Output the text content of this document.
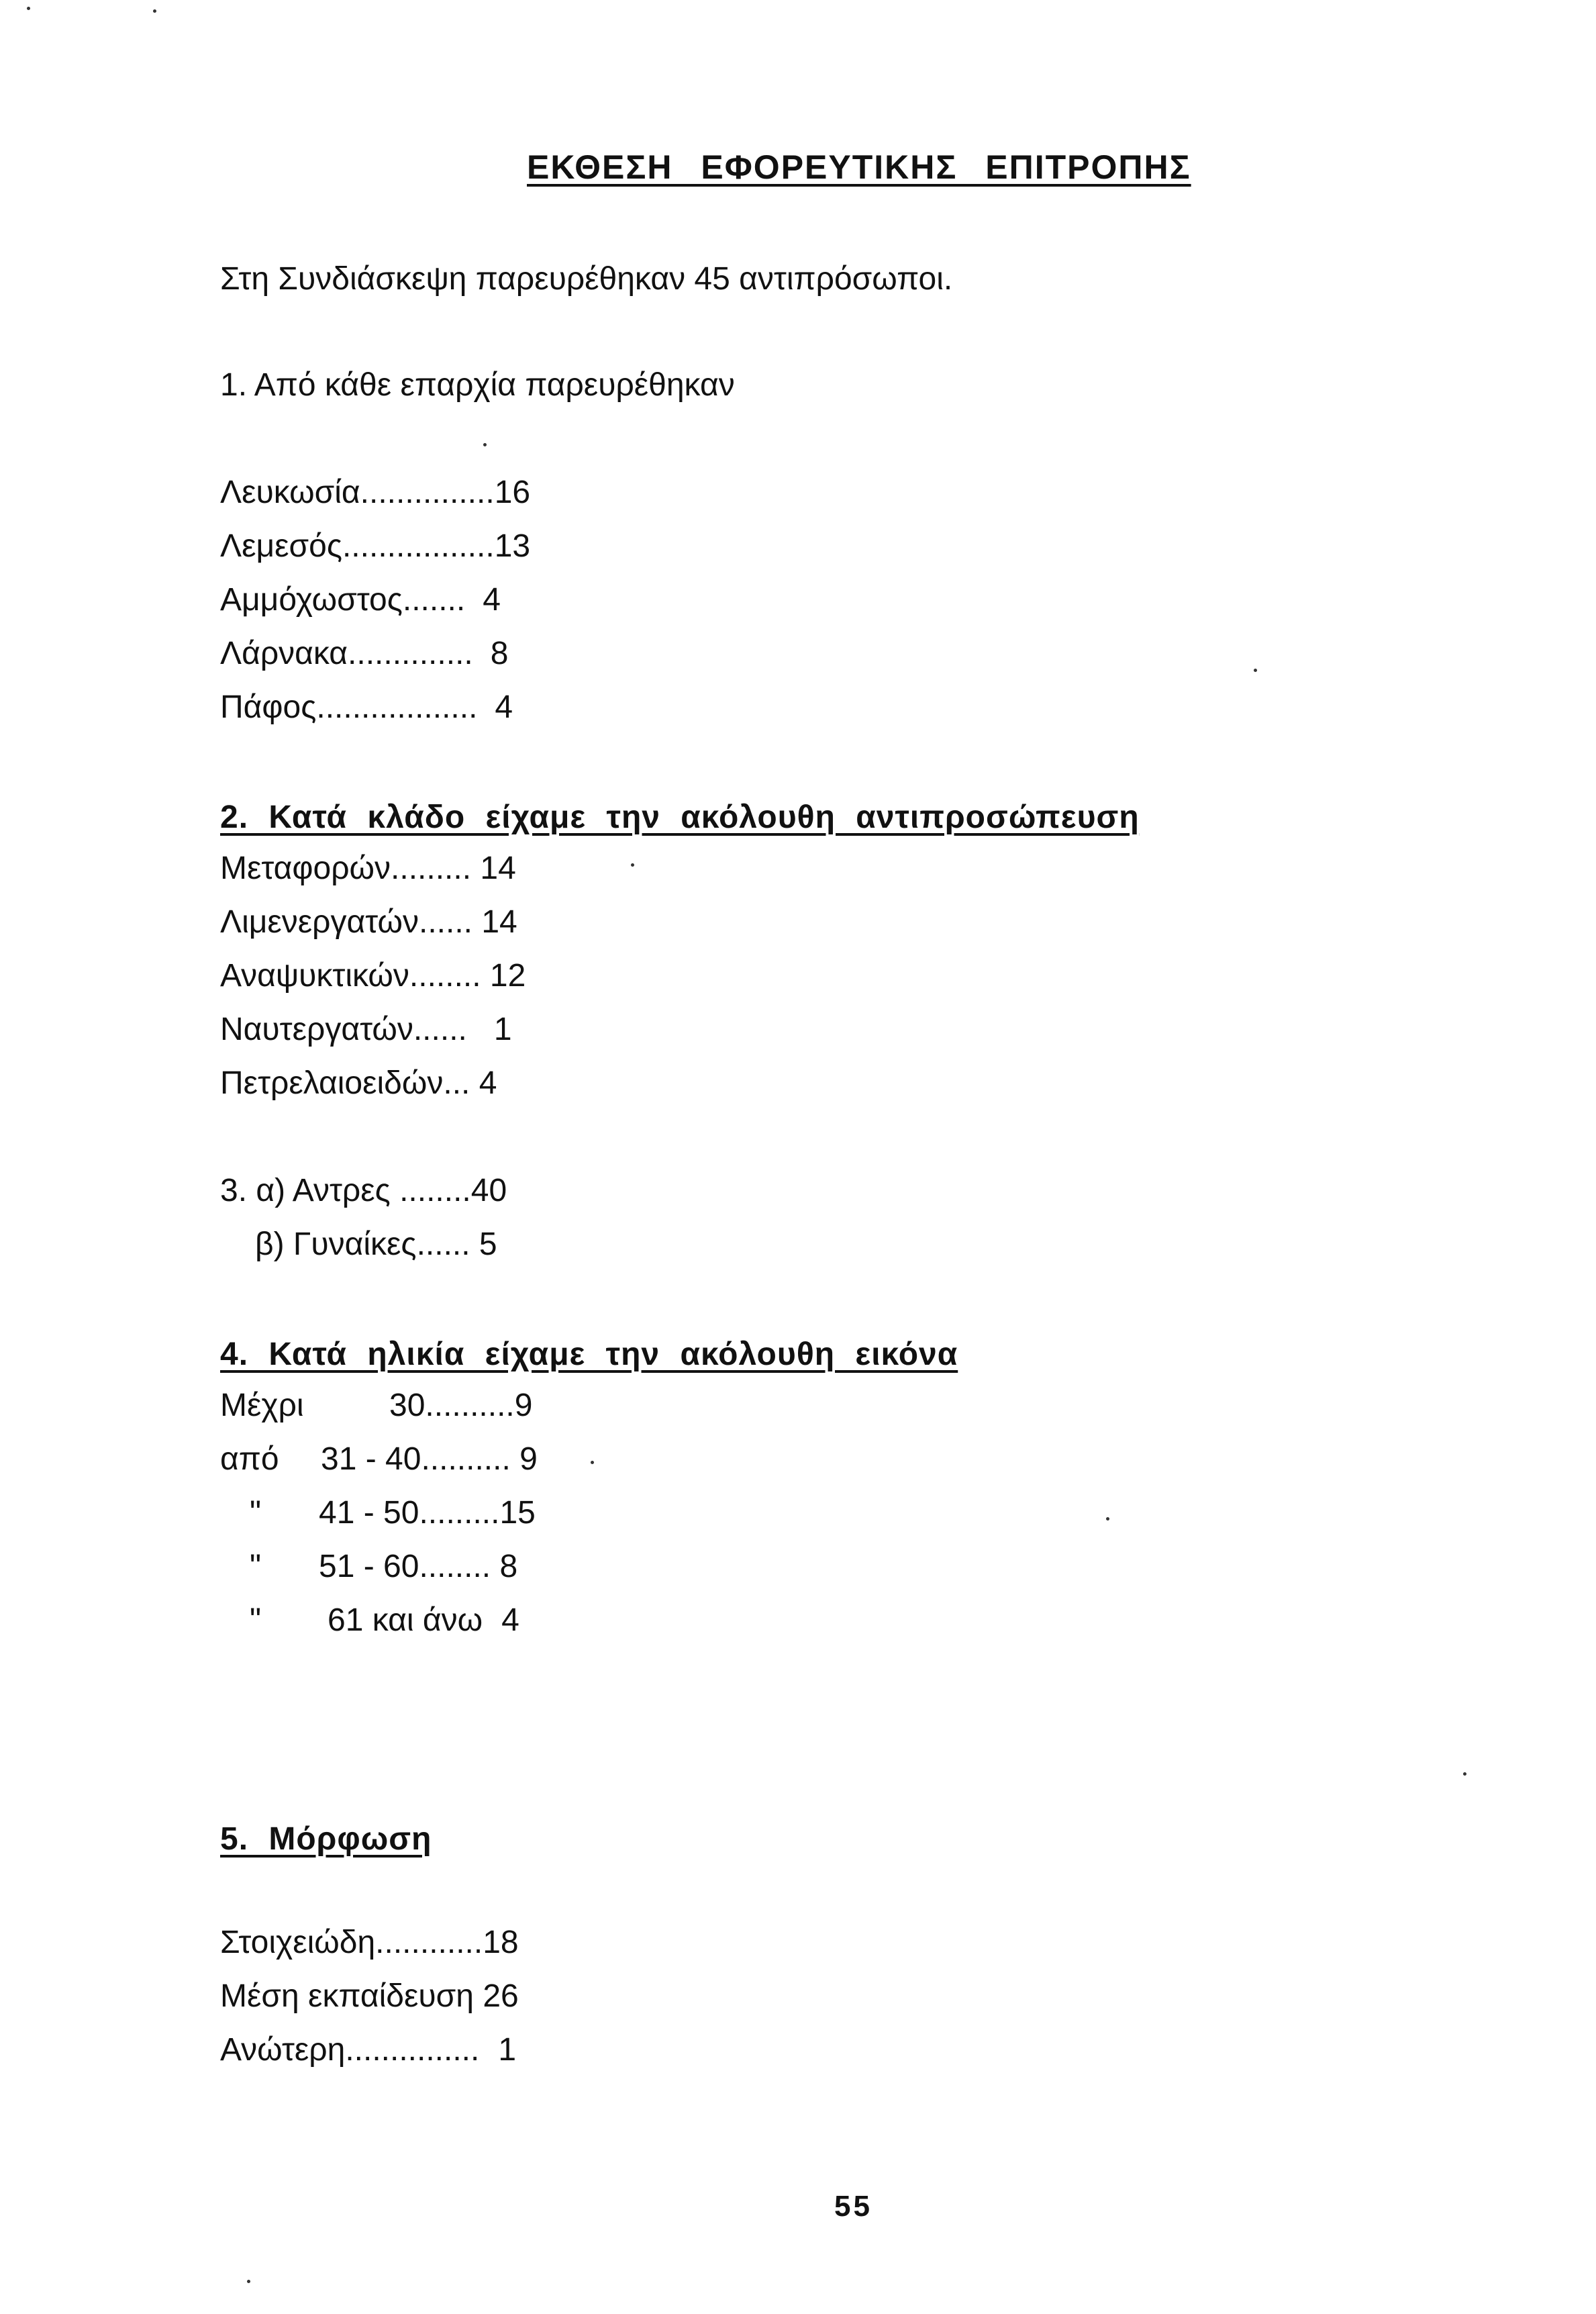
ΕΚΘΕΣΗ ΕΦΟΡΕΥΤΙΚΗΣ ΕΠΙΤΡΟΠΗΣ
Στη Συνδιάσκεψη παρευρέθηκαν 45 αντιπρόσωποι.
1. Από κάθε επαρχία παρευρέθηκαν
Λευκωσία...............16
Λεμεσός.................13
Αμμόχωστος....... 4
Λάρνακα.............. 8
Πάφος.................. 4
2. Κατά κλάδο είχαμε την ακόλουθη αντιπροσώπευση
Μεταφορών......... 14
Λιμενεργατών...... 14
Αναψυκτικών........ 12
Ναυτεργατών...... 1
Πετρελαιοειδών... 4
3. α) Αντρες ........40
β) Γυναίκες...... 5
4. Κατά ηλικία είχαμε την ακόλουθη εικόνα
Μέχρι	30..........9
από 31 - 40.......... 9
" 41 - 50.........15
" 51 - 60........ 8
" 61 και άνω 4
5. Μόρφωση
Στοιχειώδη............18
Μέση εκπαίδευση 26
Ανώτερη............... 1
55
